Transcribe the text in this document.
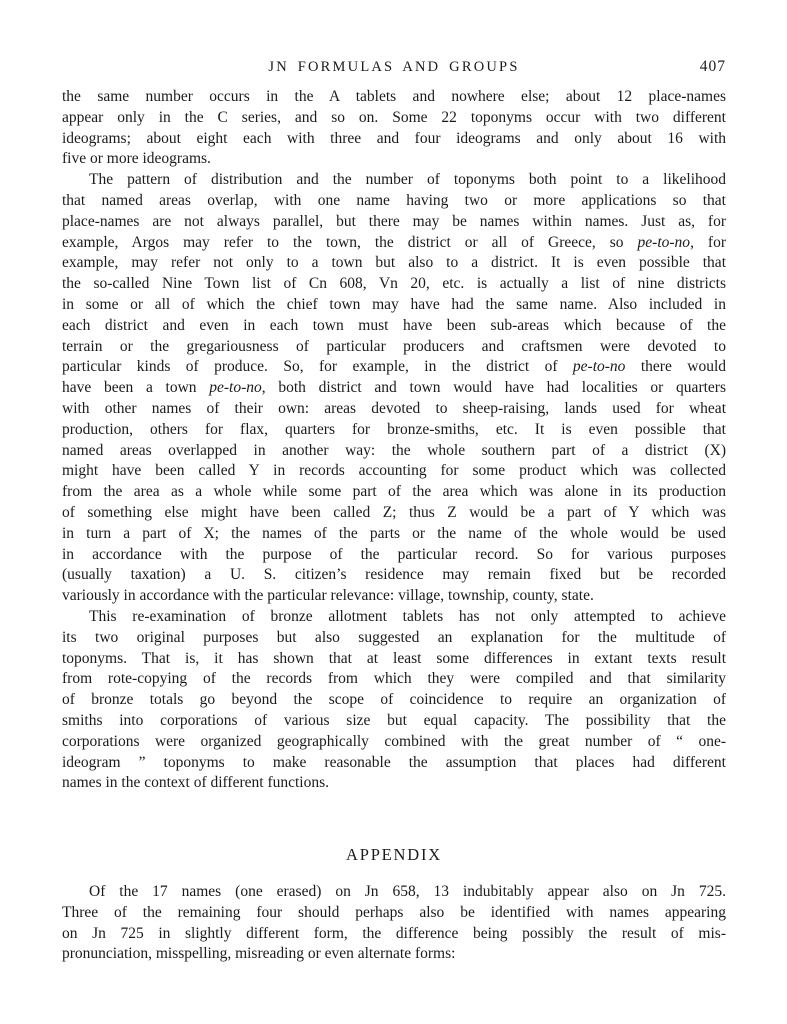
JN FORMULAS AND GROUPS	407
the same number occurs in the A tablets and nowhere else; about 12 place-names
appear only in the C series, and so on. Some 22 toponyms occur with two different
ideograms; about eight each with three and four ideograms and only about 16 with
five or more ideograms.
The pattern of distribution and the number of toponyms both point to a likelihood
that named areas overlap, with one name having two or more applications so that
place-names are not always parallel, but there may be names within names. Just as, for
example, Argos may refer to the town, the district or all of Greece, so pe-to-no, for
example, may refer not only to a town but also to a district. It is even possible that
the so-called Nine Town list of Cn 608, Vn 20, etc. is actually a list of nine districts
in some or all of which the chief town may have had the same name. Also included in
each district and even in each town must have been sub-areas which because of the
terrain or the gregariousness of particular producers and craftsmen were devoted to
particular kinds of produce. So, for example, in the district of pe-to-no there would
have been a town pe-to-no, both district and town would have had localities or quarters
with other names of their own: areas devoted to sheep-raising, lands used for wheat
production, others for flax, quarters for bronze-smiths, etc. It is even possible that
named areas overlapped in another way: the whole southern part of a district (X)
might have been called Y in records accounting for some product which was collected
from the area as a whole while some part of the area which was alone in its production
of something else might have been called Z; thus Z would be a part of Y which was
in turn a part of X; the names of the parts or the name of the whole would be used
in accordance with the purpose of the particular record. So for various purposes
(usually taxation) a U. S. citizen’s residence may remain fixed but be recorded
variously in accordance with the particular relevance: village, township, county, state.
This re-examination of bronze allotment tablets has not only attempted to achieve
its two original purposes but also suggested an explanation for the multitude of
toponyms. That is, it has shown that at least some differences in extant texts result
from rote-copying of the records from which they were compiled and that similarity
of bronze totals go beyond the scope of coincidence to require an organization of
smiths into corporations of various size but equal capacity. The possibility that the
corporations were organized geographically combined with the great number of “ one-
ideogram ” toponyms to make reasonable the assumption that places had different
names in the context of different functions.
APPENDIX
Of the 17 names (one erased) on Jn 658, 13 indubitably appear also on Jn 725.
Three of the remaining four should perhaps also be identified with names appearing
on Jn 725 in slightly different form, the difference being possibly the result of mis-
pronunciation, misspelling, misreading or even alternate forms:
